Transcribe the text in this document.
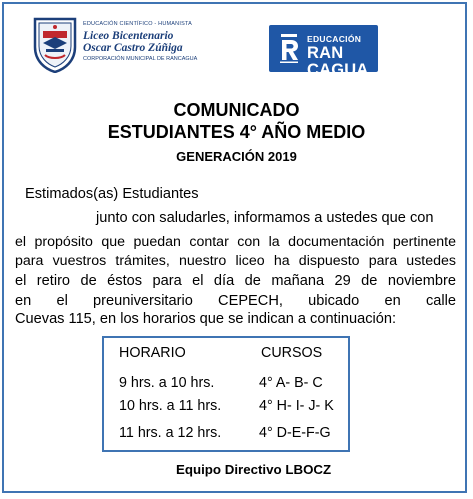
EDUCACIÓN CIENTÍFICO - HUMANISTA
Liceo Bicentenario
Oscar Castro Zúñiga
CORPORACIÓN MUNICIPAL DE RANCAGUA
EDUCACIÓN
RAN
CAGUA
COMUNICADO
ESTUDIANTES 4° AÑO MEDIO
GENERACIÓN 2019
Estimados(as) Estudiantes
junto con saludarles, informamos a ustedes que con
el propósito que puedan contar con la documentación pertinente
para vuestros trámites, nuestro liceo ha dispuesto para ustedes
el retiro de éstos para el día de mañana 29 de noviembre
en el preuniversitario CEPECH, ubicado en calle
Cuevas 115, en los horarios que se indican a continuación:
HORARIO	CURSOS
9 hrs. a 10 hrs.	4° A- B- C
10 hrs. a 11 hrs.	4° H- I- J- K
11 hrs. a 12 hrs.	4° D-E-F-G
Equipo Directivo LBOCZ
